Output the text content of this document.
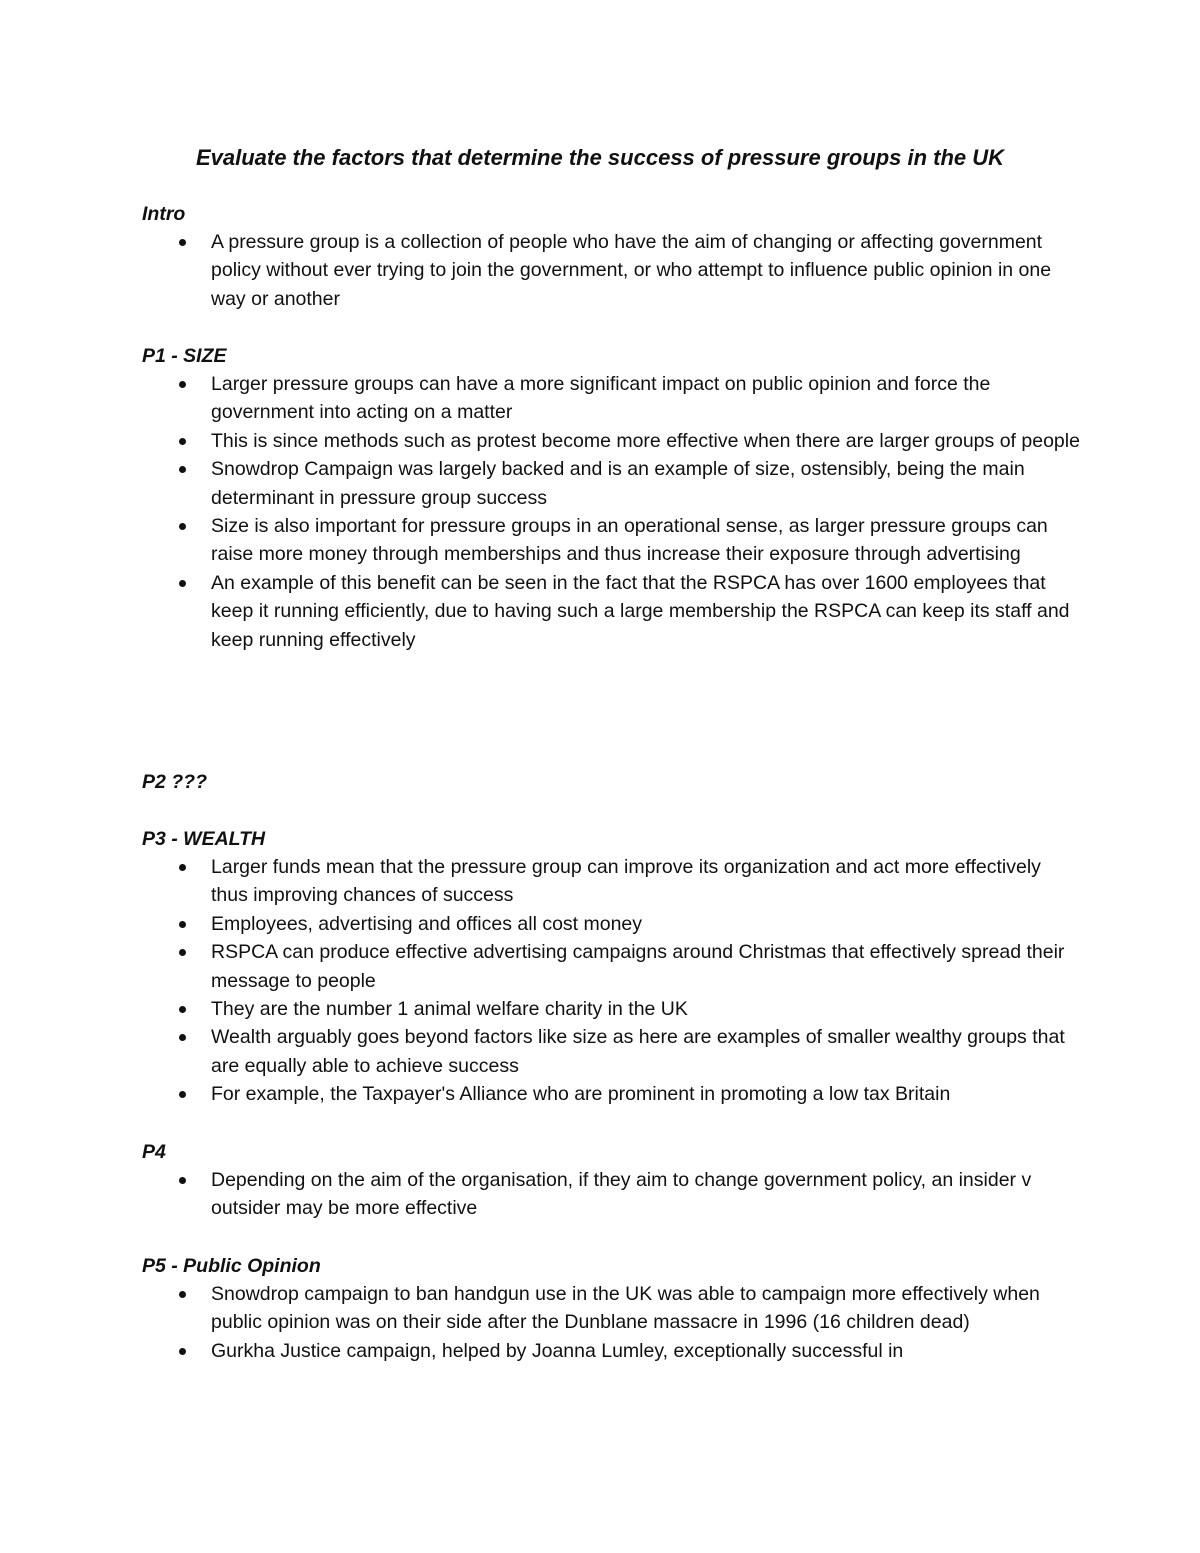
Evaluate the factors that determine the success of pressure groups in the UK
Intro
A pressure group is a collection of people who have the aim of changing or affecting government policy without ever trying to join the government, or who attempt to influence public opinion in one way or another
P1 - SIZE
Larger pressure groups can have a more significant impact on public opinion and force the government into acting on a matter
This is since methods such as protest become more effective when there are larger groups of people
Snowdrop Campaign was largely backed and is an example of size, ostensibly, being the main determinant in pressure group success
Size is also important for pressure groups in an operational sense, as larger pressure groups can raise more money through memberships and thus increase their exposure through advertising
An example of this benefit can be seen in the fact that the RSPCA has over 1600 employees that keep it running efficiently, due to having such a large membership the RSPCA can keep its staff and keep running effectively
P2 ???
P3 - WEALTH
Larger funds mean that the pressure group can improve its organization and act more effectively thus improving chances of success
Employees, advertising and offices all cost money
RSPCA can produce effective advertising campaigns around Christmas that effectively spread their message to people
They are the number 1 animal welfare charity in the UK
Wealth arguably goes beyond factors like size as here are examples of smaller wealthy groups that are equally able to achieve success
For example, the Taxpayer's Alliance who are prominent in promoting a low tax Britain
P4
Depending on the aim of the organisation, if they aim to change government policy, an insider v outsider may be more effective
P5 - Public Opinion
Snowdrop campaign to ban handgun use in the UK was able to campaign more effectively when public opinion was on their side after the Dunblane massacre in 1996 (16 children dead)
Gurkha Justice campaign, helped by Joanna Lumley, exceptionally successful in
